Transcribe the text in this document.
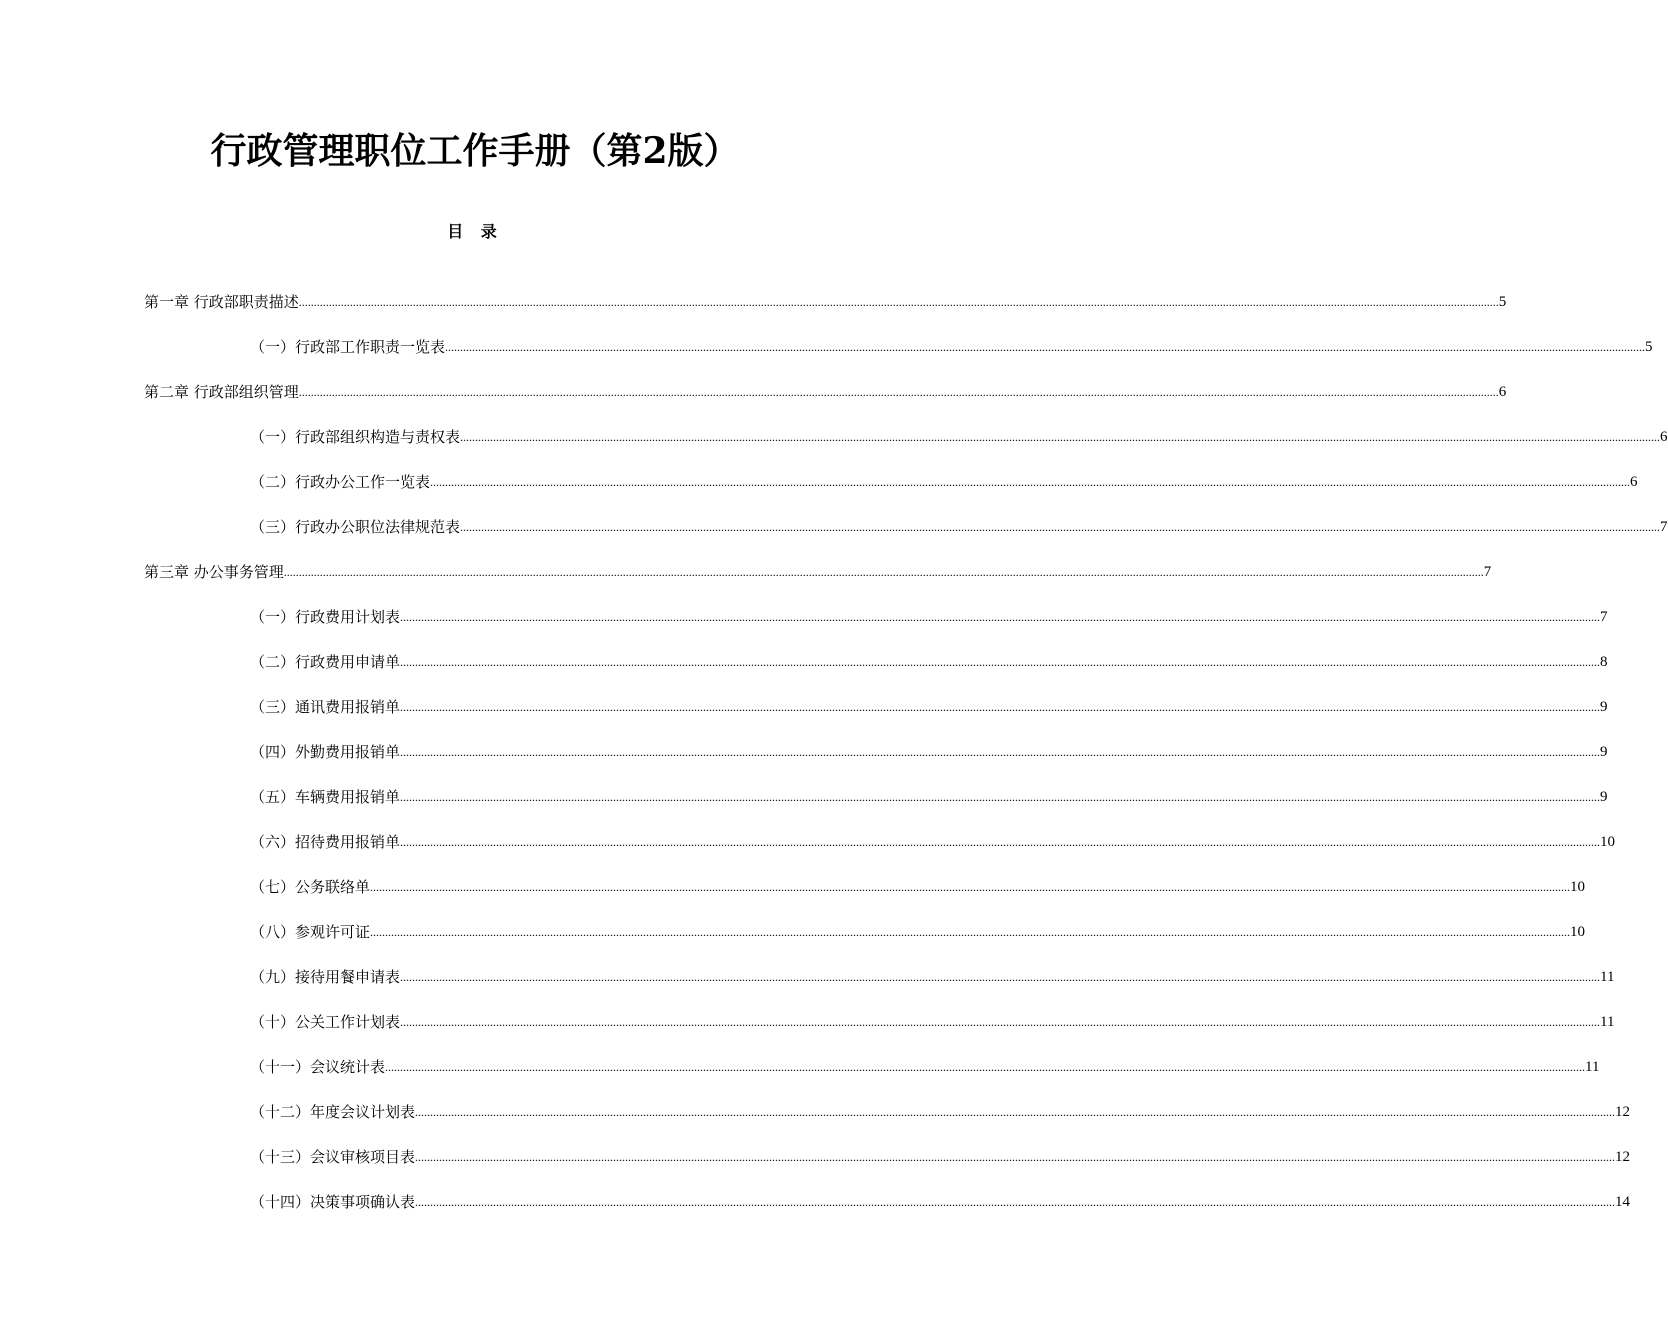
行政管理职位工作手册（第2版）
目 录
第一章 行政部职责描述 ................................................................................................................................................................................................................................................................................................................................................................................................................ 5
（一）行政部工作职责一览表 ................................................................................................................................................................................................................................................................................................................................................................................................................ 5
第二章 行政部组织管理 ................................................................................................................................................................................................................................................................................................................................................................................................................ 6
（一）行政部组织构造与责权表 ................................................................................................................................................................................................................................................................................................................................................................................................................ 6
（二）行政办公工作一览表 ................................................................................................................................................................................................................................................................................................................................................................................................................ 6
（三）行政办公职位法律规范表 ................................................................................................................................................................................................................................................................................................................................................................................................................ 7
第三章 办公事务管理 ................................................................................................................................................................................................................................................................................................................................................................................................................ 7
（一）行政费用计划表 ................................................................................................................................................................................................................................................................................................................................................................................................................ 7
（二）行政费用申请单 ................................................................................................................................................................................................................................................................................................................................................................................................................ 8
（三）通讯费用报销单 ................................................................................................................................................................................................................................................................................................................................................................................................................ 9
（四）外勤费用报销单 ................................................................................................................................................................................................................................................................................................................................................................................................................ 9
（五）车辆费用报销单 ................................................................................................................................................................................................................................................................................................................................................................................................................ 9
（六）招待费用报销单 ................................................................................................................................................................................................................................................................................................................................................................................................................ 10
（七）公务联络单 ................................................................................................................................................................................................................................................................................................................................................................................................................ 10
（八）参观许可证 ................................................................................................................................................................................................................................................................................................................................................................................................................ 10
（九）接待用餐申请表 ................................................................................................................................................................................................................................................................................................................................................................................................................ 11
（十）公关工作计划表 ................................................................................................................................................................................................................................................................................................................................................................................................................ 11
（十一）会议统计表 ................................................................................................................................................................................................................................................................................................................................................................................................................ 11
（十二）年度会议计划表 ................................................................................................................................................................................................................................................................................................................................................................................................................ 12
（十三）会议审核项目表 ................................................................................................................................................................................................................................................................................................................................................................................................................ 12
（十四）决策事项确认表 ................................................................................................................................................................................................................................................................................................................................................................................................................ 14
